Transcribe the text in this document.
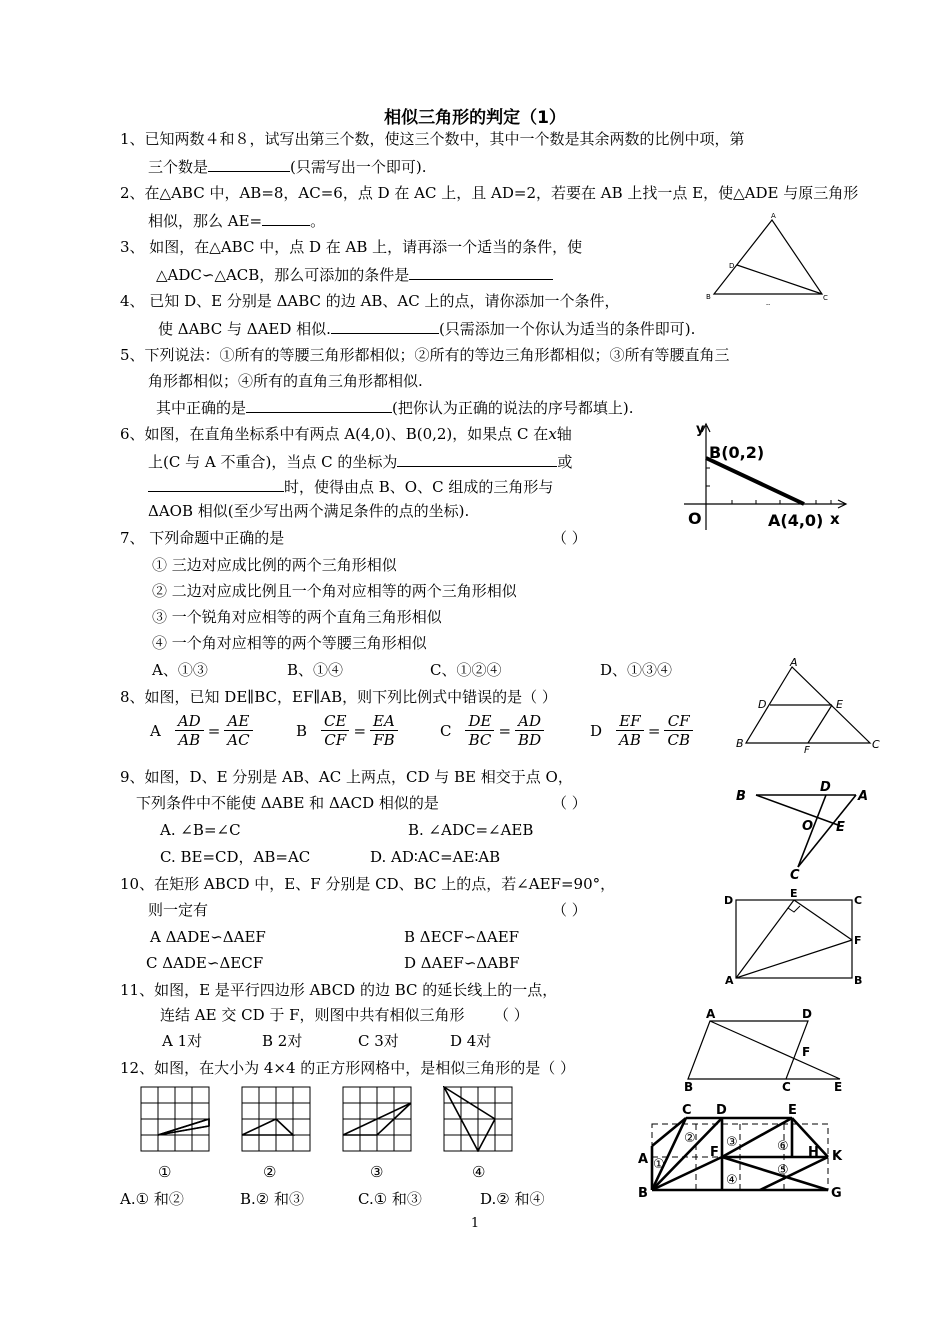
相似三角形的判定（1）
1、已知两数４和８，试写出第三个数，使这三个数中，其中一个数是其余两数的比例中项，第
三个数是	(只需写出一个即可).
2、在△ABC 中，AB=8，AC=6，点 D 在 AC 上，且 AD=2，若要在 AB 上找一点 E，使△ADE 与原三角形
相似，那么 AE=	。
3、 如图，在△ABC 中，点 D 在 AB 上，请再添一个适当的条件，使
△ADC∽△ACB，那么可添加的条件是
A
B	C
D
--
4、 已知 D、E 分别是 ΔABC 的边 AB、AC 上的点，请你添加一个条件，
使 ΔABC 与 ΔAED 相似.	(只需添加一个你认为适当的条件即可).
5、下列说法：①所有的等腰三角形都相似；②所有的等边三角形都相似；③所有等腰直角三
角形都相似；④所有的直角三角形都相似.
其中正确的是	(把你认为正确的说法的序号都填上).
6、如图，在直角坐标系中有两点 A(4,0)、B(0,2)，如果点 C 在x轴
上(C 与 A 不重合)，当点 C 的坐标为	或
时，使得由点 B、O、C 组成的三角形与
ΔAOB 相似(至少写出两个满足条件的点的坐标).
y
B(0,2)
O	A(4,0) x
7、 下列命题中正确的是	（ ）
① 三边对应成比例的两个三角形相似
② 二边对应成比例且一个角对应相等的两个三角形相似
③ 一个锐角对应相等的两个直角三角形相似
④ 一个角对应相等的两个等腰三角形相似
A、①③	B、①④	C、①②④	D、①③④
8、如图，已知 DE∥BC，EF∥AB，则下列比例式中错误的是（ ）
A $\frac{AD}{AB} = \frac{AE}{AC}$	B $\frac{CE}{CF} = \frac{EA}{FB}$	C $\frac{DE}{BC} = \frac{AD}{BD}$	D $\frac{EF}{AB} = \frac{CF}{CB}$
A
B	C
D	E
F
9、如图，D、E 分别是 AB、AC 上两点，CD 与 BE 相交于点 O，
下列条件中不能使 ΔABE 和 ΔACD 相似的是	（ ）
A. ∠B=∠C	B. ∠ADC=∠AEB
C. BE=CD，AB=AC	D. AD∶AC=AE∶AB
B	A
D
E
O
C
10、在矩形 ABCD 中，E、F 分别是 CD、BC 上的点，若∠AEF=90°，
则一定有	（ ）
A ΔADE∽ΔAEF	B ΔECF∽ΔAEF
C ΔADE∽ΔECF	D ΔAEF∽ΔABF
D
E
C
F
A	B
11、如图，E 是平行四边形 ABCD 的边 BC 的延长线上的一点，
连结 AE 交 CD 于 F，则图中共有相似三角形 （ ）
A 1对	B 2对	C 3对	D 4对
A	D
F
B	C	E
12、如图，在大小为 4×4 的正方形网格中，是相似三角形的是（ ）
①	②	③	④
A.① 和②	B.② 和③	C.① 和③	D.② 和④
C D	E
A
B
F
G
H K
①
② ③
④
⑤
⑥
1
